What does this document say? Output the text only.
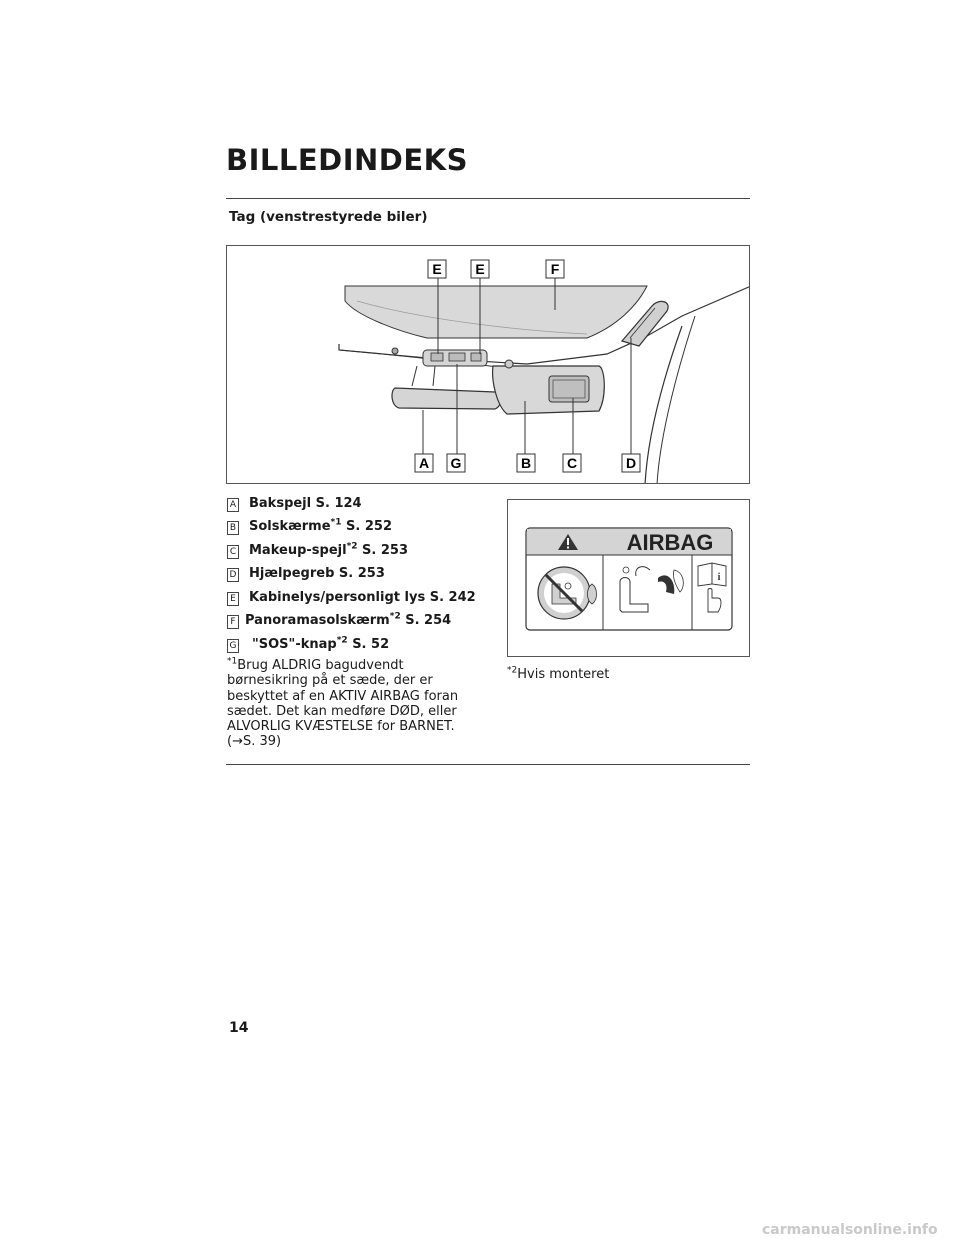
BILLEDINDEKS
Tag (venstrestyrede biler)
E E	F
A G	B	C	D
A Bakspejl S. 124
B Solskærme$^{*1}$ S. 252
C Makeup-spejl$^{*2}$ S. 253
D Hjælpegreb S. 253
E Kabinelys/personligt lys S. 242
F Panoramasolskærm$^{*2}$ S. 254
G "SOS"-knap$^{*2}$ S. 52
$^{*1}$Brug ALDRIG bagudvendt børnesikring på et sæde, der er beskyttet af en AKTIV AIRBAG foran sædet. Det kan medføre DØD, eller ALVORLIG KVÆSTELSE for BARNET. (→S. 39)
AIRBAG
i
$^{*2}$Hvis monteret
14
carmanualsonline.info
